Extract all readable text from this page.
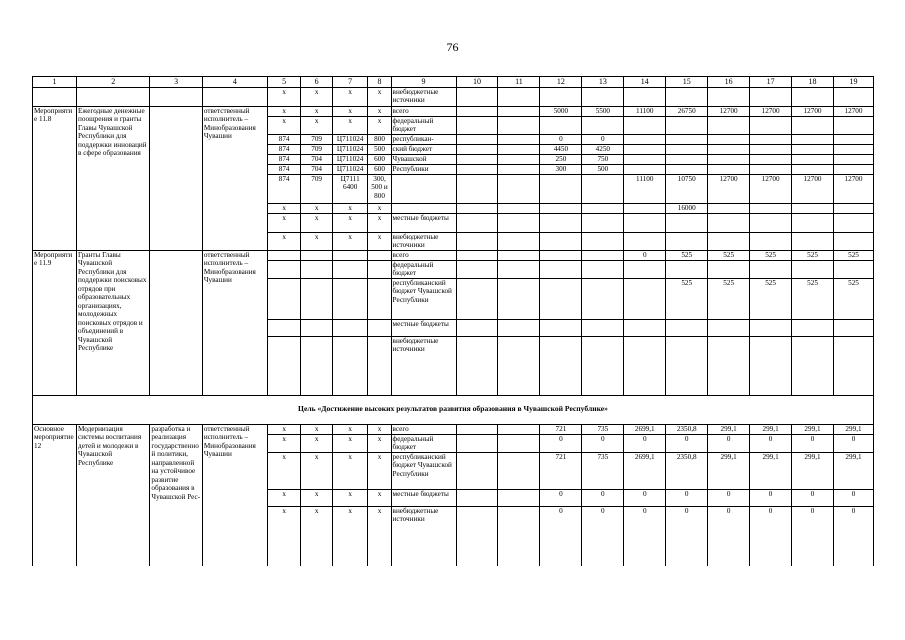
76
1	2	3	4	5	6	7	8	9	10	11	12	13	14	15	16	17	18	19
				x	x	x	x	внебюджетные источники										
Мероприятие 11.8	Ежегодные денежные поощрения и гранты Главы Чувашской Республики для поддержки инноваций в сфере образования		ответственный исполнитель – Минобразования Чувашии	x	x	x	x	всего			5000	5500	11100	26750	12700	12700	12700	12700
				x	x	x	x	федеральный бюджет										
				874	709	Ц711024	800	республикан-			0	0						
				874	709	Ц711024	500	ский бюджет			4450	4250						
				874	704	Ц711024	600	Чувашской			250	750						
				874	704	Ц711024	600	Республики			300	500						
				874	709	Ц7111 6400	300, 500 и 800						11100	10750	12700	12700	12700	12700
				x	x	x	x							16000				
				x	x	x	x	местные бюджеты										
				x	x	x	x	внебюджетные источники										
Мероприятие 11.9	Гранты Главы Чувашской Республики для поддержки поисковых отрядов при образовательных организациях, молодежных поисковых отрядов и объединений в Чувашской Республике		ответственный исполнитель – Минобразования Чувашии					всего					0	525	525	525	525	525
								федеральный бюджет										
								республиканский бюджет Чувашской Республики						525	525	525	525	525
								местные бюджеты										
								внебюджетные источники										
Цель «Достижение высоких результатов развития образования в Чувашской Республике»																		
Основное мероприятие 12	Модернизация системы воспитания детей и молодежи в Чувашской Республике	разработка и реализация государственной политики, направленной на устойчивое развитие образования в Чувашской Рес-	ответственный исполнитель – Минобразования Чувашии	x	x	x	x	всего			721	735	2699,1	2350,8	299,1	299,1	299,1	299,1
				x	x	x	x	федеральный бюджет			0	0	0	0	0	0	0	0
				x	x	x	x	республиканский бюджет Чувашской Республики			721	735	2699,1	2350,8	299,1	299,1	299,1	299,1
				x	x	x	x	местные бюджеты			0	0	0	0	0	0	0	0
				x	x	x	x	внебюджетные источники			0	0	0	0	0	0	0	0
